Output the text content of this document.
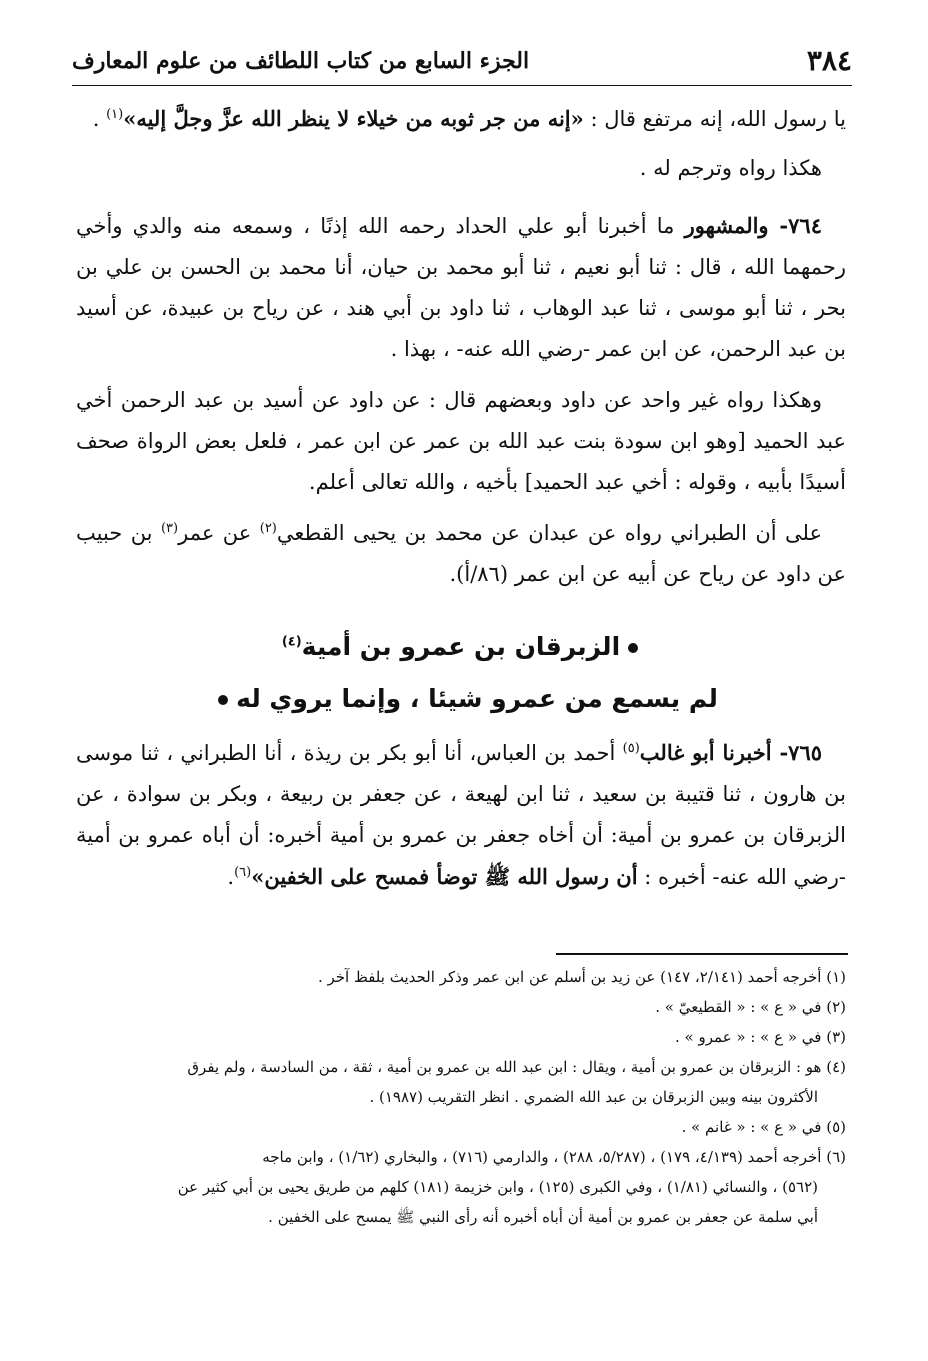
٣٨٤
الجزء السابع من كتاب اللطائف من علوم المعارف

يا رسول الله، إنه مرتفع قال : «إنه من جر ثوبه من خيلاء لا ينظر الله عزَّ وجلَّ إليه»$^{(١)}$ .

هكذا رواه وترجم له .

٧٦٤- والمشهور ما أخبرنا أبو علي الحداد رحمه الله إذنًا ، وسمعه منه والدي وأخي رحمهما الله ، قال : ثنا أبو نعيم ، ثنا أبو محمد بن حيان، أنا محمد بن الحسن بن علي بن بحر ، ثنا أبو موسى ، ثنا عبد الوهاب ، ثنا داود بن أبي هند ، عن رياح بن عبيدة، عن أسيد بن عبد الرحمن، عن ابن عمر -رضي الله عنه- ، بهذا .

وهكذا رواه غير واحد عن داود وبعضهم قال : عن داود عن أسيد بن عبد الرحمن أخي عبد الحميد [وهو ابن سودة بنت عبد الله بن عمر عن ابن عمر ، فلعل بعض الرواة صحف أسيدًا بأبيه ، وقوله : أخي عبد الحميد] بأخيه ، والله تعالى أعلم.

على أن الطبراني رواه عن عبدان عن محمد بن يحيى القطعي$^{(٢)}$ عن عمر$^{(٣)}$ بن حبيب عن داود عن رياح عن أبيه عن ابن عمر (٨٦/أ).

الزبرقان بن عمرو بن أمية$^{(٤)}$
لم يسمع من عمرو شيئا ، وإنما يروي له

٧٦٥- أخبرنا أبو غالب$^{(٥)}$ أحمد بن العباس، أنا أبو بكر بن ريذة ، أنا الطبراني ، ثنا موسى بن هارون ، ثنا قتيبة بن سعيد ، ثنا ابن لهيعة ، عن جعفر بن ربيعة ، وبكر بن سوادة ، عن الزبرقان بن عمرو بن أمية: أن أخاه جعفر بن عمرو بن أمية أخبره: أن أباه عمرو بن أمية -رضي الله عنه- أخبره : أن رسول الله ﷺ توضأ فمسح على الخفين»$^{(٦)}$.

(١) أخرجه أحمد (٢/١٤١، ١٤٧) عن زيد بن أسلم عن ابن عمر وذكر الحديث بلفظ آخر .

(٢) في « ع » : « القطيعيّ » .

(٣) في « ع » : « عمرو » .

(٤) هو : الزبرقان بن عمرو بن أمية ، ويقال : ابن عبد الله بن عمرو بن أمية ، ثقة ، من السادسة ، ولم يفرق

الأكثرون بينه وبين الزبرقان بن عبد الله الضمري . انظر التقريب (١٩٨٧) .

(٥) في « ع » : « غانم » .

(٦) أخرجه أحمد (٤/١٣٩، ١٧٩) ، (٥/٢٨٧، ٢٨٨) ، والدارمي (٧١٦) ، والبخاري (١/٦٢) ، وابن ماجه

(٥٦٢) ، والنسائي (١/٨١) ، وفي الكبرى (١٢٥) ، وابن خزيمة (١٨١) كلهم من طريق يحيى بن أبي كثير عن

أبي سلمة عن جعفر بن عمرو بن أمية أن أباه أخبره أنه رأى النبي ﷺ يمسح على الخفين .
